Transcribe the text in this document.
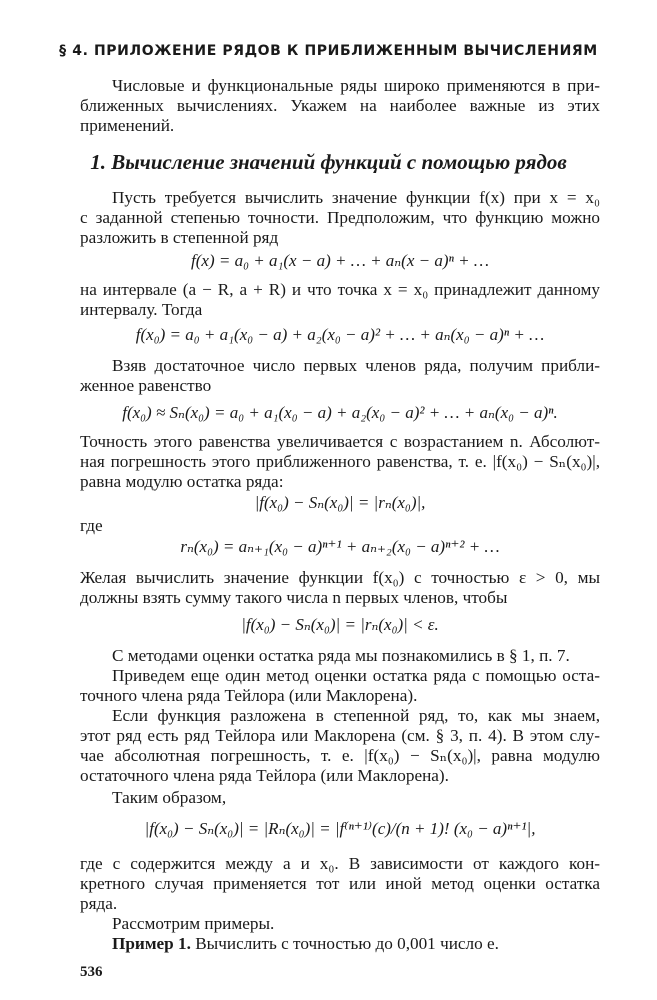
§ 4. ПРИЛОЖЕНИЕ РЯДОВ К ПРИБЛИЖЕННЫМ ВЫЧИСЛЕНИЯМ
Числовые и функциональные ряды широко применяются в при-
ближенных вычислениях. Укажем на наиболее важные из этих
применений.
1. Вычисление значений функций с помощью рядов
Пусть требуется вычислить значение функции f(x) при x = x₀
с заданной степенью точности. Предположим, что функцию можно
разложить в степенной ряд
f(x) = a₀ + a₁(x − a) + … + aₙ(x − a)ⁿ + …
на интервале (a − R, a + R) и что точка x = x₀ принадлежит данному
интервалу. Тогда
f(x₀) = a₀ + a₁(x₀ − a) + a₂(x₀ − a)² + … + aₙ(x₀ − a)ⁿ + …
Взяв достаточное число первых членов ряда, получим прибли-
женное равенство
f(x₀) ≈ Sₙ(x₀) = a₀ + a₁(x₀ − a) + a₂(x₀ − a)² + … + aₙ(x₀ − a)ⁿ.
Точность этого равенства увеличивается с возрастанием n. Абсолют-
ная погрешность этого приближенного равенства, т. е. |f(x₀) − Sₙ(x₀)|,
равна модулю остатка ряда:
|f(x₀) − Sₙ(x₀)| = |rₙ(x₀)|,
где
rₙ(x₀) = aₙ₊₁(x₀ − a)ⁿ⁺¹ + aₙ₊₂(x₀ − a)ⁿ⁺² + …
Желая вычислить значение функции f(x₀) с точностью ε > 0, мы
должны взять сумму такого числа n первых членов, чтобы
|f(x₀) − Sₙ(x₀)| = |rₙ(x₀)| < ε.
С методами оценки остатка ряда мы познакомились в § 1, п. 7.
Приведем еще один метод оценки остатка ряда с помощью оста-
точного члена ряда Тейлора (или Маклорена).
Если функция разложена в степенной ряд, то, как мы знаем,
этот ряд есть ряд Тейлора или Маклорена (см. § 3, п. 4). В этом слу-
чае абсолютная погрешность, т. е. |f(x₀) − Sₙ(x₀)|, равна модулю
остаточного члена ряда Тейлора (или Маклорена).
Таким образом,
|f(x₀) − Sₙ(x₀)| = |Rₙ(x₀)| = |f⁽ⁿ⁺¹⁾(c)/(n + 1)! (x₀ − a)ⁿ⁺¹|,
где c содержится между a и x₀. В зависимости от каждого кон-
кретного случая применяется тот или иной метод оценки остатка
ряда.
Рассмотрим примеры.
Пример 1. Вычислить с точностью до 0,001 число e.
536
